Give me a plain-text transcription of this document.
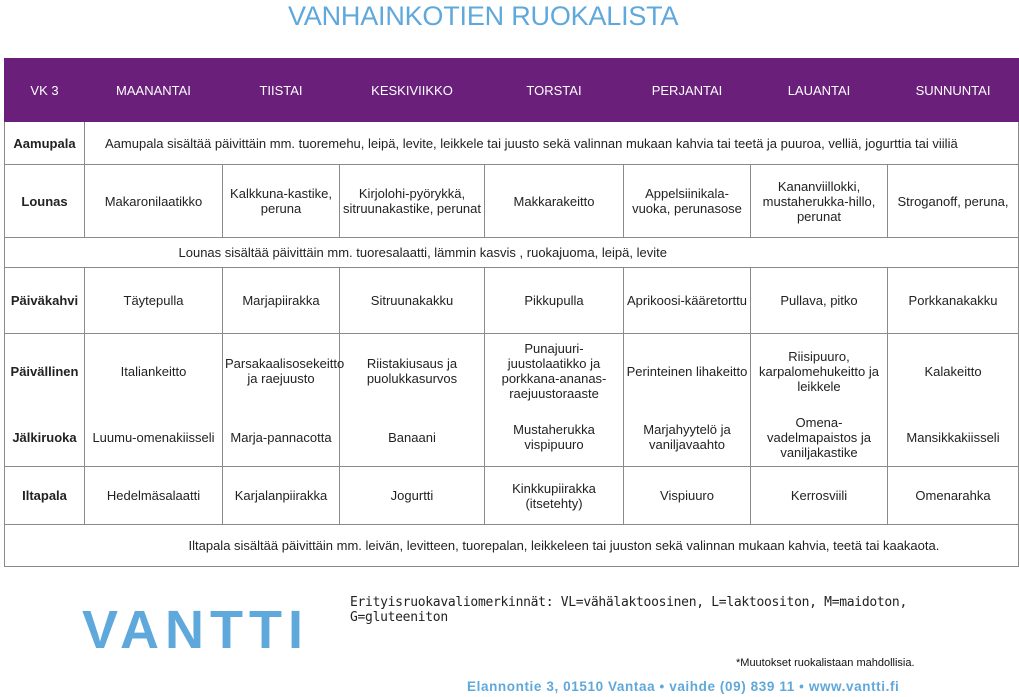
VANHAINKOTIEN RUOKALISTA
VK 3	MAANANTAI	TIISTAI	KESKIVIIKKO	TORSTAI	PERJANTAI	LAUANTAI	SUNNUNTAI
Aamupala	Aamupala sisältää päivittäin mm. tuoremehu, leipä, levite, leikkele tai juusto sekä valinnan mukaan kahvia tai teetä ja puuroa, velliä, jogurttia tai viiliä						
Lounas	Makaronilaatikko	Kalkkuna-kastike, peruna	Kirjolohi-pyörykkä, sitruunakastike, perunat	Makkarakeitto	Appelsiinikala-vuoka, perunasose	Kananviillokki, mustaherukka-hillo, perunat	Stroganoff, peruna,
	Lounas sisältää päivittäin mm. tuoresalaatti, lämmin kasvis , ruokajuoma, leipä, levite						
Päiväkahvi	Täytepulla	Marjapiirakka	Sitruunakakku	Pikkupulla	Aprikoosi-kääretorttu	Pullava, pitko	Porkkanakakku
Päivällinen	Italiankeitto	Parsakaalisosekeitto ja raejuusto	Riistakiusaus ja puolukkasurvos	Punajuuri-juustolaatikko ja porkkana-ananas-raejuustoraaste	Perinteinen lihakeitto	Riisipuuro, karpalomehukeitto ja leikkele	Kalakeitto
Jälkiruoka	Luumu-omenakiisseli	Marja-pannacotta	Banaani	Mustaherukka vispipuuro	Marjahyytelö ja vaniljavaahto	Omena-vadelmapaistos ja vaniljakastike	Mansikkakiisseli
Iltapala	Hedelmäsalaatti	Karjalanpiirakka	Jogurtti	Kinkkupiirakka (itsetehty)	Vispiuuro	Kerrosviili	Omenarahka
	Iltapala sisältää päivittäin mm. leivän, levitteen, tuorepalan, leikkeleen tai juuston sekä valinnan mukaan kahvia, teetä tai kaakaota.						
Erityisruokavaliomerkinnät: VL=vähälaktoosinen, L=laktoositon, M=maidoton, G=gluteeniton
VANTTI
*Muutokset ruokalistaan mahdollisia.
Elannontie 3, 01510 Vantaa • vaihde (09) 839 11 • www.vantti.fi
